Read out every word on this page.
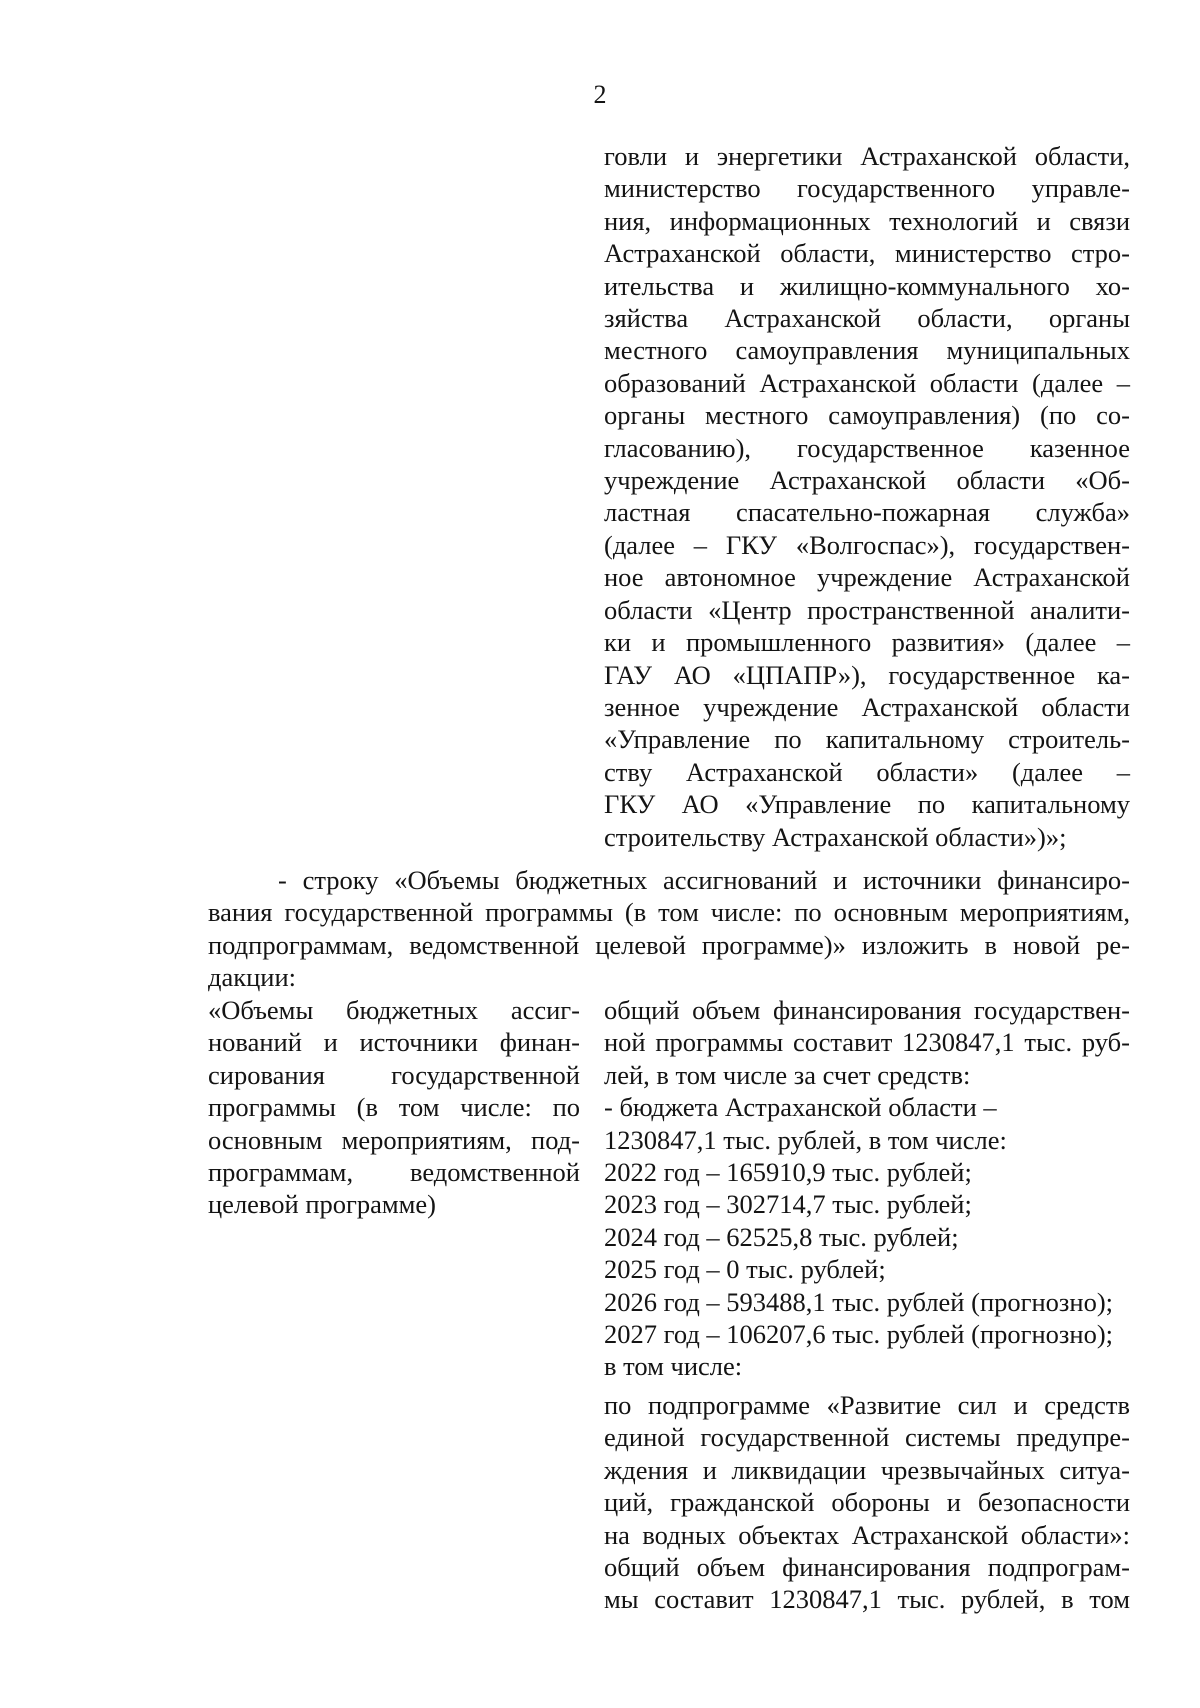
2
говли и энергетики Астраханской области,
министерство государственного управле-
ния, информационных технологий и связи
Астраханской области, министерство стро-
ительства и жилищно-коммунального хо-
зяйства Астраханской области, органы
местного самоуправления муниципальных
образований Астраханской области (далее –
органы местного самоуправления) (по со-
гласованию), государственное казенное
учреждение Астраханской области «Об-
ластная спасательно-пожарная служба»
(далее – ГКУ «Волгоспас»), государствен-
ное автономное учреждение Астраханской
области «Центр пространственной аналити-
ки и промышленного развития» (далее –
ГАУ АО «ЦПАПР»), государственное ка-
зенное учреждение Астраханской области
«Управление по капитальному строитель-
ству Астраханской области» (далее –
ГКУ АО «Управление по капитальному
строительству Астраханской области»)»;
- строку «Объемы бюджетных ассигнований и источники финансиро-
вания государственной программы (в том числе: по основным мероприятиям,
подпрограммам, ведомственной целевой программе)» изложить в новой ре-
дакции:
«Объемы бюджетных ассиг-
нований и источники финан-
сирования государственной
программы (в том числе: по
основным мероприятиям, под-
программам, ведомственной
целевой программе)
общий объем финансирования государствен-
ной программы составит 1230847,1 тыс. руб-
лей, в том числе за счет средств:
- бюджета Астраханской области –
1230847,1 тыс. рублей, в том числе:
2022 год – 165910,9 тыс. рублей;
2023 год – 302714,7 тыс. рублей;
2024 год – 62525,8 тыс. рублей;
2025 год – 0 тыс. рублей;
2026 год – 593488,1 тыс. рублей (прогнозно);
2027 год – 106207,6 тыс. рублей (прогнозно);
в том числе:
по подпрограмме «Развитие сил и средств
единой государственной системы предупре-
ждения и ликвидации чрезвычайных ситуа-
ций, гражданской обороны и безопасности
на водных объектах Астраханской области»:
общий объем финансирования подпрограм-
мы составит 1230847,1 тыс. рублей, в том
